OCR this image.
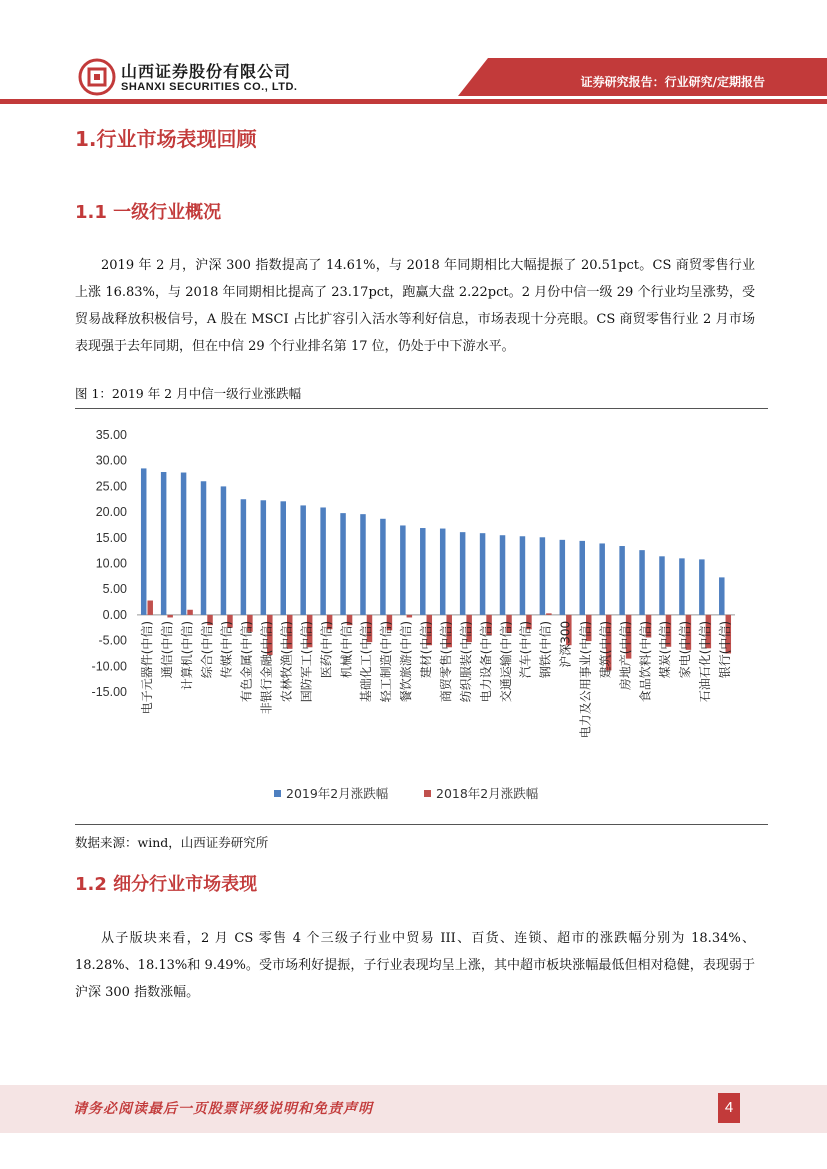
山西证券股份有限公司
SHANXI SECURITIES CO., LTD.	证券研究报告：行业研究/定期报告
1.行业市场表现回顾
1.1 一级行业概况

2019 年 2 月，沪深 300 指数提高了 14.61%，与 2018 年同期相比大幅提振了 20.51pct。CS 商贸零售行业上涨 16.83%，与 2018 年同期相比提高了 23.17pct，跑赢大盘 2.22pct。2 月份中信一级 29 个行业均呈涨势，受贸易战释放积极信号，A 股在 MSCI 占比扩容引入活水等利好信息，市场表现十分亮眼。CS 商贸零售行业 2 月市场表现强于去年同期，但在中信 29 个行业排名第 17 位，仍处于中下游水平。

图 1：2019 年 2 月中信一级行业涨跌幅
35.00
30.00
25.00
20.00
15.00
10.00
5.00
0.00
-5.00
-10.00
-15.00 电子元器件(中信) 通信(中信) 计算机(中信) 综合(中信) 传媒(中信) 有色金属(中信) 非银行金融(中信) 农林牧渔(中信) 国防军工(中信) 医药(中信) 机械(中信) 基础化工(中信) 轻工制造(中信) 餐饮旅游(中信) 建材(中信) 商贸零售(中信) 纺织服装(中信) 电力设备(中信) 交通运输(中信) 汽车(中信) 钢铁(中信) 沪深300 电力及公用事业(中信) 建筑(中信) 房地产(中信) 食品饮料(中信) 煤炭(中信) 家电(中信) 石油石化(中信) 银行(中信)
2019年2月涨跌幅	2018年2月涨跌幅
数据来源：wind，山西证券研究所
1.2 细分行业市场表现

从子版块来看，2 月 CS 零售 4 个三级子行业中贸易 III、百货、连锁、超市的涨跌幅分别为 18.34%、18.28%、18.13%和 9.49%。受市场利好提振，子行业表现均呈上涨，其中超市板块涨幅最低但相对稳健，表现弱于沪深 300 指数涨幅。

请务必阅读最后一页股票评级说明和免责声明	4
